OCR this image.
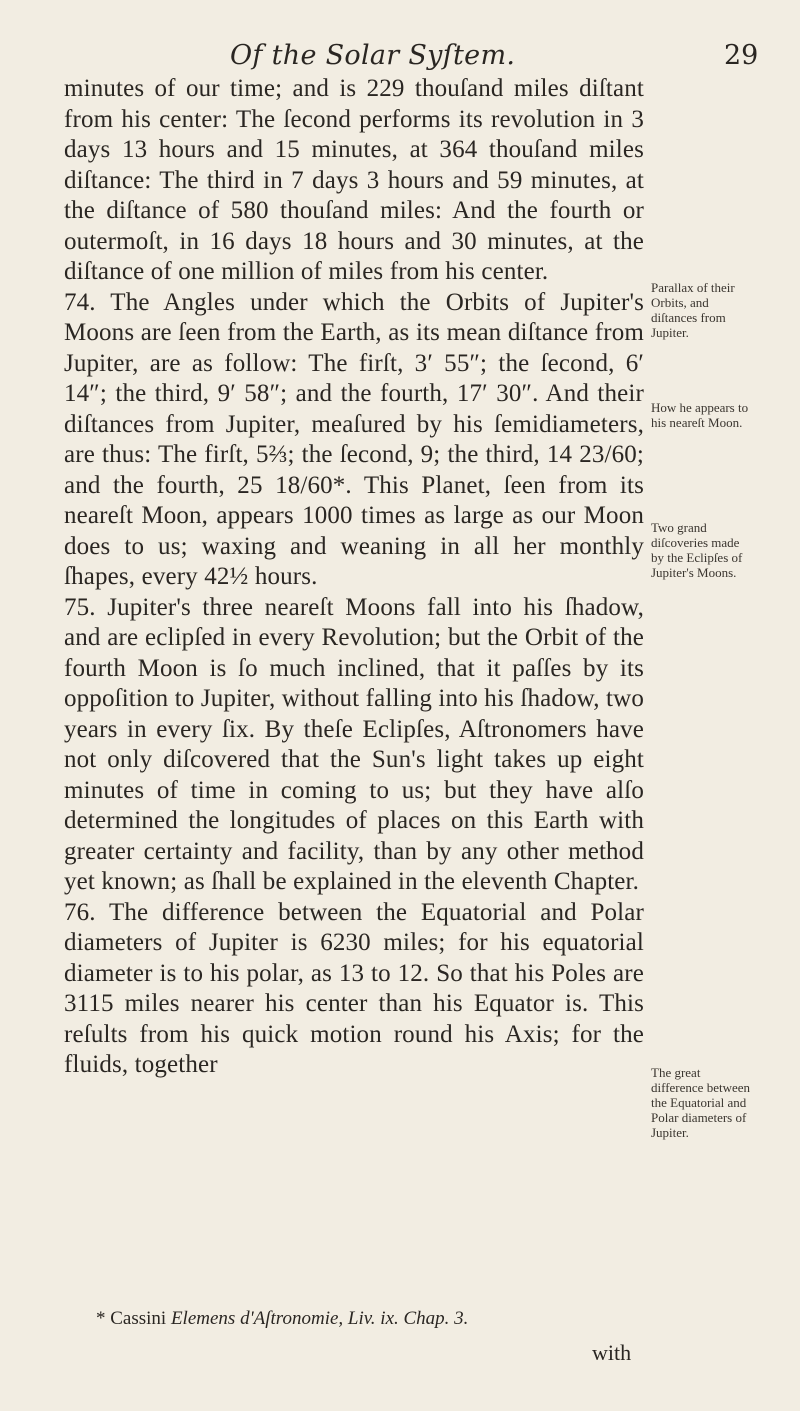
Of the Solar Syſtem.	29

minutes of our time; and is 229 thouſand miles diſtant from his center: The ſecond performs its revolution in 3 days 13 hours and 15 minutes, at 364 thouſand miles diſtance: The third in 7 days 3 hours and 59 minutes, at the diſtance of 580 thouſand miles: And the fourth or outermoſt, in 16 days 18 hours and 30 minutes, at the diſtance of one million of miles from his center.

74. The Angles under which the Orbits of Jupiter's Moons are ſeen from the Earth, as its mean diſtance from Jupiter, are as follow: The firſt, 3′ 55″; the ſecond, 6′ 14″; the third, 9′ 58″; and the fourth, 17′ 30″. And their diſtances from Jupiter, meaſured by his ſemidiameters, are thus: The firſt, 5⅔; the ſecond, 9; the third, 14 23/60; and the fourth, 25 18/60*. This Planet, ſeen from its neareſt Moon, appears 1000 times as large as our Moon does to us; waxing and weaning in all her monthly ſhapes, every 42½ hours.

75. Jupiter's three neareſt Moons fall into his ſhadow, and are eclipſed in every Revolution; but the Orbit of the fourth Moon is ſo much inclined, that it paſſes by its oppoſition to Jupiter, without falling into his ſhadow, two years in every ſix. By theſe Eclipſes, Aſtronomers have not only diſcovered that the Sun's light takes up eight minutes of time in coming to us; but they have alſo determined the longitudes of places on this Earth with greater certainty and facility, than by any other method yet known; as ſhall be explained in the eleventh Chapter.

76. The difference between the Equatorial and Polar diameters of Jupiter is 6230 miles; for his equatorial diameter is to his polar, as 13 to 12. So that his Poles are 3115 miles nearer his center than his Equator is. This reſults from his quick motion round his Axis; for the fluids, together

Parallax of their Orbits, and diſtances from Jupiter.
How he appears to his neareſt Moon.
Two grand diſcoveries made by the Eclipſes of Jupiter's Moons.
The great difference between the Equatorial and Polar diameters of Jupiter.
* Cassini Elemens d'Aſtronomie, Liv. ix. Chap. 3.
with
